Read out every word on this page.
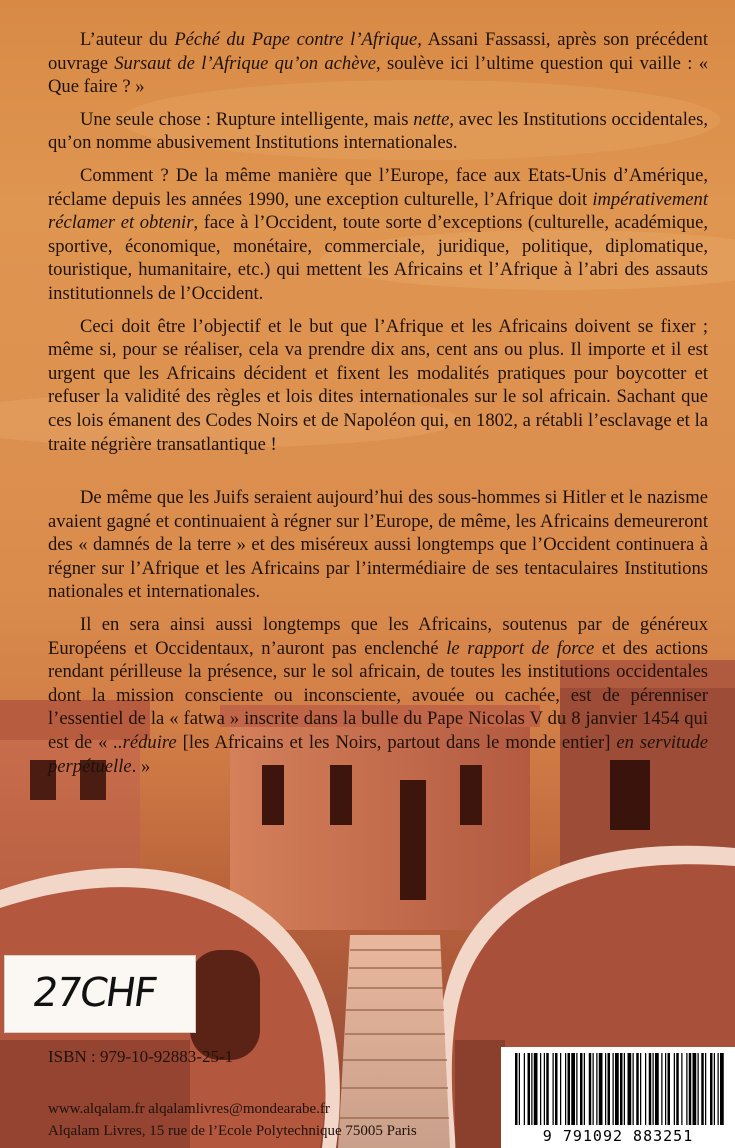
L’auteur du Péché du Pape contre l’Afrique, Assani Fassassi, après son précédent ouvrage Sursaut de l’Afrique qu’on achève, soulève ici l’ultime question qui vaille : « Que faire ? »

Une seule chose : Rupture intelligente, mais nette, avec les Institutions occidentales, qu’on nomme abusivement Institutions internationales.

Comment ? De la même manière que l’Europe, face aux Etats-Unis d’Amérique, réclame depuis les années 1990, une exception culturelle, l’Afrique doit impérativement réclamer et obtenir, face à l’Occident, toute sorte d’exceptions (culturelle, académique, sportive, économique, monétaire, commerciale, juridique, politique, diplomatique, touristique, humanitaire, etc.) qui mettent les Africains et l’Afrique à l’abri des assauts institutionnels de l’Occident.

Ceci doit être l’objectif et le but que l’Afrique et les Africains doivent se fixer ; même si, pour se réaliser, cela va prendre dix ans, cent ans ou plus. Il importe et il est urgent que les Africains décident et fixent les modalités pratiques pour boycotter et refuser la validité des règles et lois dites internationales sur le sol africain. Sachant que ces lois émanent des Codes Noirs et de Napoléon qui, en 1802, a rétabli l’esclavage et la traite négrière transatlantique !

De même que les Juifs seraient aujourd’hui des sous-hommes si Hitler et le nazisme avaient gagné et continuaient à régner sur l’Europe, de même, les Africains demeureront des « damnés de la terre » et des miséreux aussi longtemps que l’Occident continuera à régner sur l’Afrique et les Africains par l’intermédiaire de ses tentaculaires Institutions nationales et internationales.

Il en sera ainsi aussi longtemps que les Africains, soutenus par de généreux Européens et Occidentaux, n’auront pas enclenché le rapport de force et des actions rendant périlleuse la présence, sur le sol africain, de toutes les institutions occidentales dont la mission consciente ou inconsciente, avouée ou cachée, est de pérenniser l’essentiel de la « fatwa » inscrite dans la bulle du Pape Nicolas V du 8 janvier 1454 qui est de « ..réduire [les Africains et les Noirs, partout dans le monde entier] en servitude perpétuelle. »

27CHF
ISBN : 979-10-92883-25-1
www.alqalam.fr alqalamlivres@mondearabe.fr
Alqalam Livres, 15 rue de l’Ecole Polytechnique 75005 Paris	9 791092 883251
